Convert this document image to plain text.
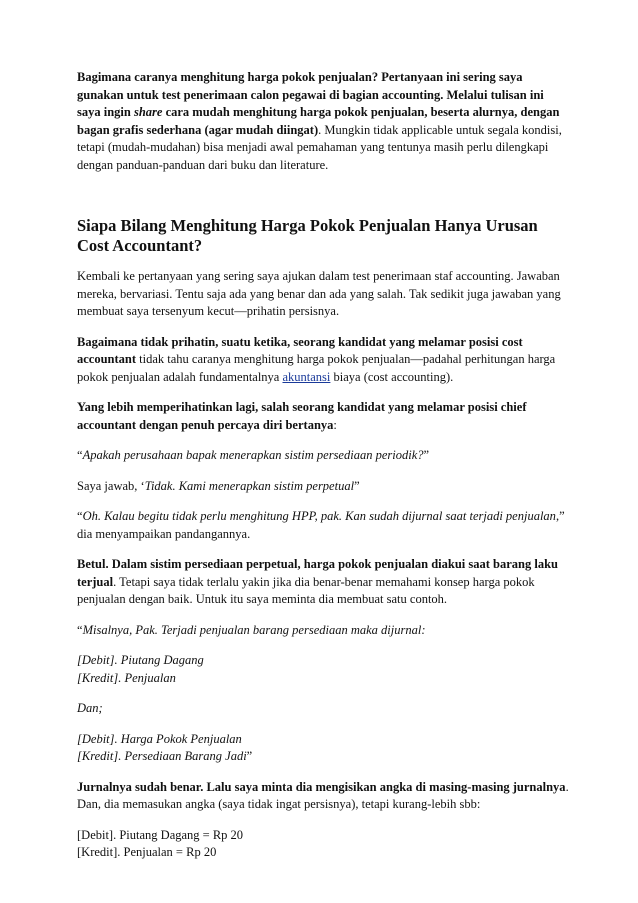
Bagimana caranya menghitung harga pokok penjualan? Pertanyaan ini sering saya gunakan untuk test penerimaan calon pegawai di bagian accounting. Melalui tulisan ini saya ingin share cara mudah menghitung harga pokok penjualan, beserta alurnya, dengan bagan grafis sederhana (agar mudah diingat). Mungkin tidak applicable untuk segala kondisi, tetapi (mudah-mudahan) bisa menjadi awal pemahaman yang tentunya masih perlu dilengkapi dengan panduan-panduan dari buku dan literature.

Siapa Bilang Menghitung Harga Pokok Penjualan Hanya Urusan Cost Accountant?

Kembali ke pertanyaan yang sering saya ajukan dalam test penerimaan staf accounting. Jawaban mereka, bervariasi. Tentu saja ada yang benar dan ada yang salah. Tak sedikit juga jawaban yang membuat saya tersenyum kecut—prihatin persisnya.

Bagaimana tidak prihatin, suatu ketika, seorang kandidat yang melamar posisi cost accountant tidak tahu caranya menghitung harga pokok penjualan—padahal perhitungan harga pokok penjualan adalah fundamentalnya akuntansi biaya (cost accounting).

Yang lebih memperihatinkan lagi, salah seorang kandidat yang melamar posisi chief accountant dengan penuh percaya diri bertanya:

“Apakah perusahaan bapak menerapkan sistim persediaan periodik?”

Saya jawab, ‘Tidak. Kami menerapkan sistim perpetual”

“Oh. Kalau begitu tidak perlu menghitung HPP, pak. Kan sudah dijurnal saat terjadi penjualan,” dia menyampaikan pandangannya.

Betul. Dalam sistim persediaan perpetual, harga pokok penjualan diakui saat barang laku terjual. Tetapi saya tidak terlalu yakin jika dia benar-benar memahami konsep harga pokok penjualan dengan baik. Untuk itu saya meminta dia membuat satu contoh.

“Misalnya, Pak. Terjadi penjualan barang persediaan maka dijurnal:

[Debit]. Piutang Dagang
[Kredit]. Penjualan

Dan;

[Debit]. Harga Pokok Penjualan
[Kredit]. Persediaan Barang Jadi”

Jurnalnya sudah benar. Lalu saya minta dia mengisikan angka di masing-masing jurnalnya. Dan, dia memasukan angka (saya tidak ingat persisnya), tetapi kurang-lebih sbb:

[Debit]. Piutang Dagang = Rp 20
[Kredit]. Penjualan = Rp 20
